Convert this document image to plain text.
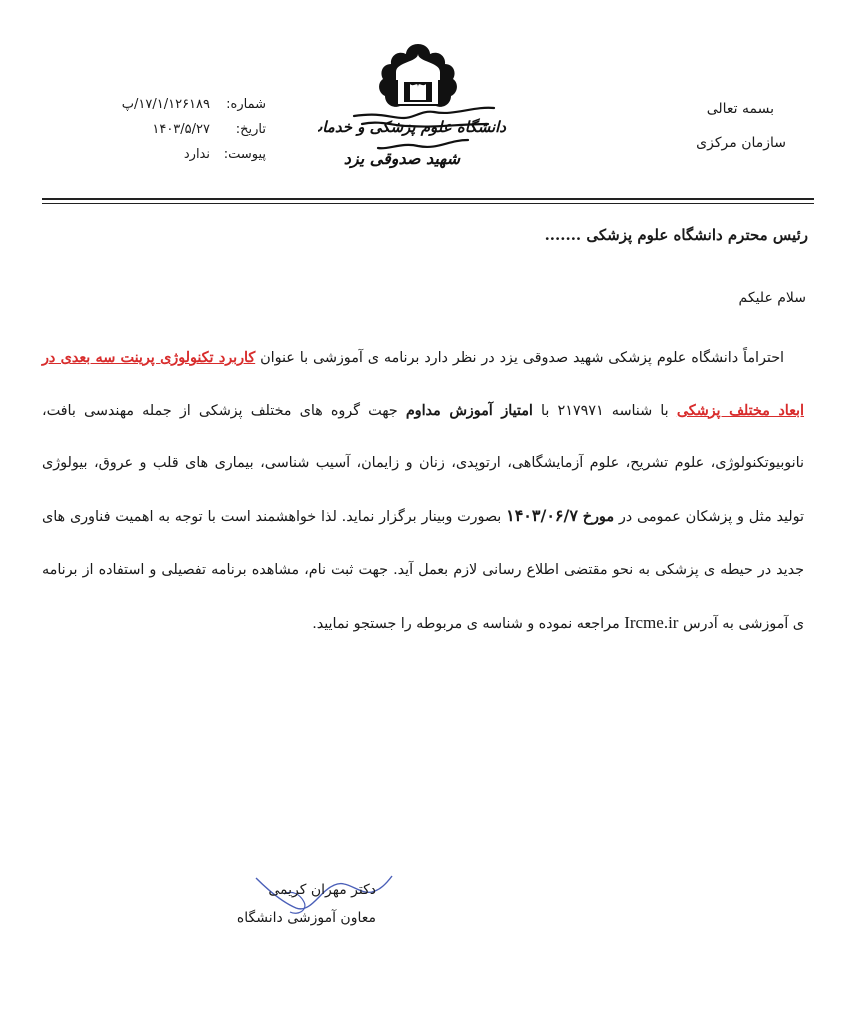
بسمه تعالی
سازمان مرکزی
دانشگاه علوم پزشکی و خدما
شهید صدوقی یزد
شماره:
۱۷/۱/۱۲۶۱۸۹/پ
تاریخ:
۱۴۰۳/۵/۲۷
پیوست:
ندارد
رئیس محترم دانشگاه علوم پزشکی .......
سلام علیکم
احتراماً دانشگاه علوم پزشکی شهید صدوقی یزد در نظر دارد برنامه ی آموزشی با عنوان کاربرد تکنولوژی پرینت سه بعدی در ابعاد مختلف پزشکی با شناسه ۲۱۷۹۷۱ با امتیاز آموزش مداوم جهت گروه های مختلف پزشکی از جمله مهندسی بافت، نانوبیوتکنولوژی، علوم تشریح، علوم آزمایشگاهی، ارتوپدی، زنان و زایمان، آسیب شناسی، بیماری های قلب و عروق، بیولوژی تولید مثل و پزشکان عمومی در مورخ ۱۴۰۳/۰۶/۷ بصورت وبینار برگزار نماید. لذا خواهشمند است با توجه به اهمیت فناوری های جدید در حیطه ی پزشکی به نحو مقتضی اطلاع رسانی لازم بعمل آید. جهت ثبت نام، مشاهده برنامه تفصیلی و استفاده از برنامه ی آموزشی به آدرس Ircme.ir مراجعه نموده و شناسه ی مربوطه را جستجو نمایید.
دکتر مهران کریمی
معاون آموزشی دانشگاه
